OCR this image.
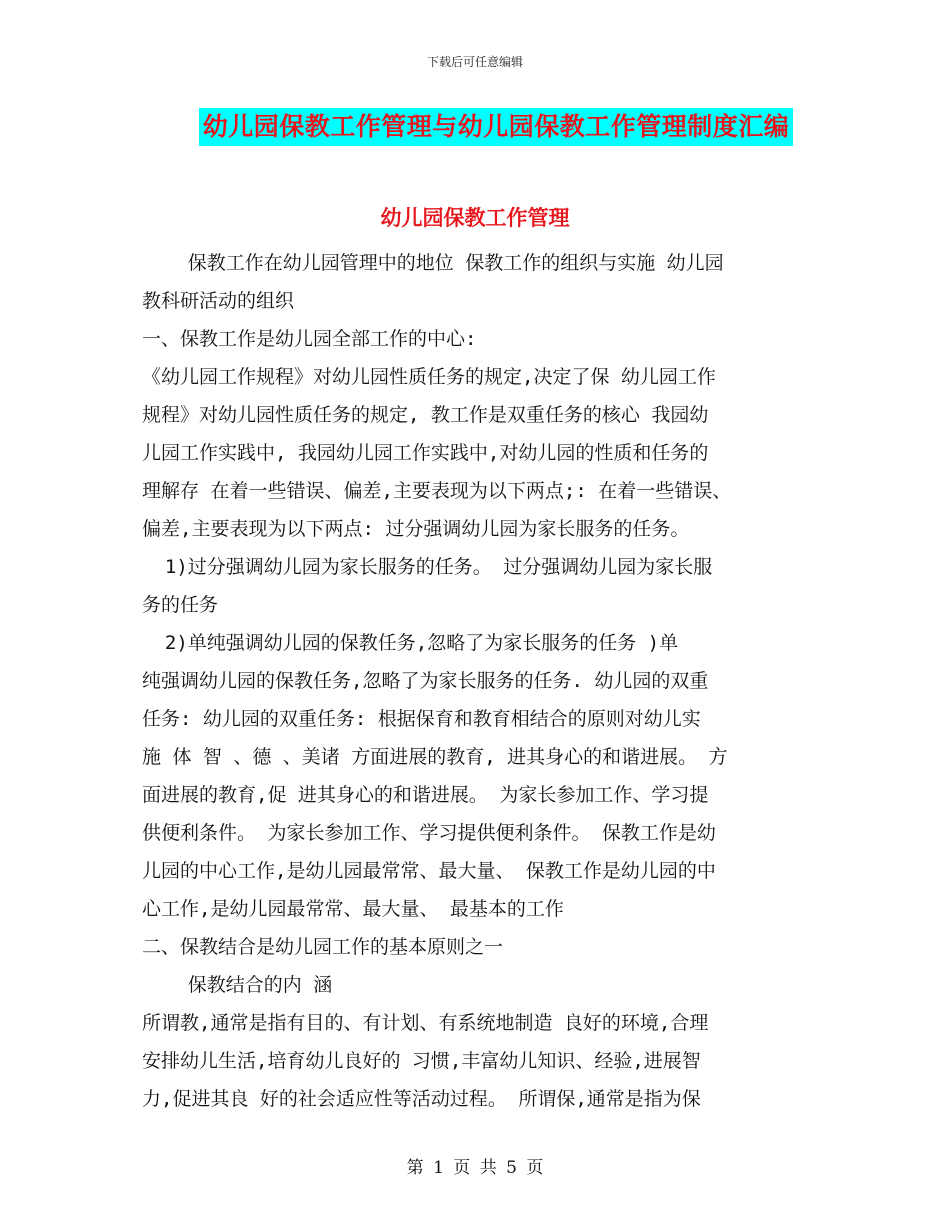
下载后可任意编辑
幼儿园保教工作管理与幼儿园保教工作管理制度汇编
幼儿园保教工作管理
保教工作在幼儿园管理中的地位 保教工作的组织与实施 幼儿园
教科研活动的组织
一、保教工作是幼儿园全部工作的中心:
《幼儿园工作规程》对幼儿园性质任务的规定,决定了保 幼儿园工作
规程》对幼儿园性质任务的规定, 教工作是双重任务的核心 我园幼
儿园工作实践中, 我园幼儿园工作实践中,对幼儿园的性质和任务的
理解存 在着一些错误、偏差,主要表现为以下两点;: 在着一些错误、
偏差,主要表现为以下两点: 过分强调幼儿园为家长服务的任务。
1)过分强调幼儿园为家长服务的任务。 过分强调幼儿园为家长服
务的任务
2)单纯强调幼儿园的保教任务,忽略了为家长服务的任务 )单
纯强调幼儿园的保教任务,忽略了为家长服务的任务. 幼儿园的双重
任务: 幼儿园的双重任务: 根据保育和教育相结合的原则对幼儿实
施 体 智 、德 、美诸 方面进展的教育, 进其身心的和谐进展。 方
面进展的教育,促 进其身心的和谐进展。 为家长参加工作、学习提
供便利条件。 为家长参加工作、学习提供便利条件。 保教工作是幼
儿园的中心工作,是幼儿园最常常、最大量、 保教工作是幼儿园的中
心工作,是幼儿园最常常、最大量、 最基本的工作
二、保教结合是幼儿园工作的基本原则之一
保教结合的内 涵
所谓教,通常是指有目的、有计划、有系统地制造 良好的环境,合理
安排幼儿生活,培育幼儿良好的 习惯,丰富幼儿知识、经验,进展智
力,促进其良 好的社会适应性等活动过程。 所谓保,通常是指为保
第 1 页 共 5 页
